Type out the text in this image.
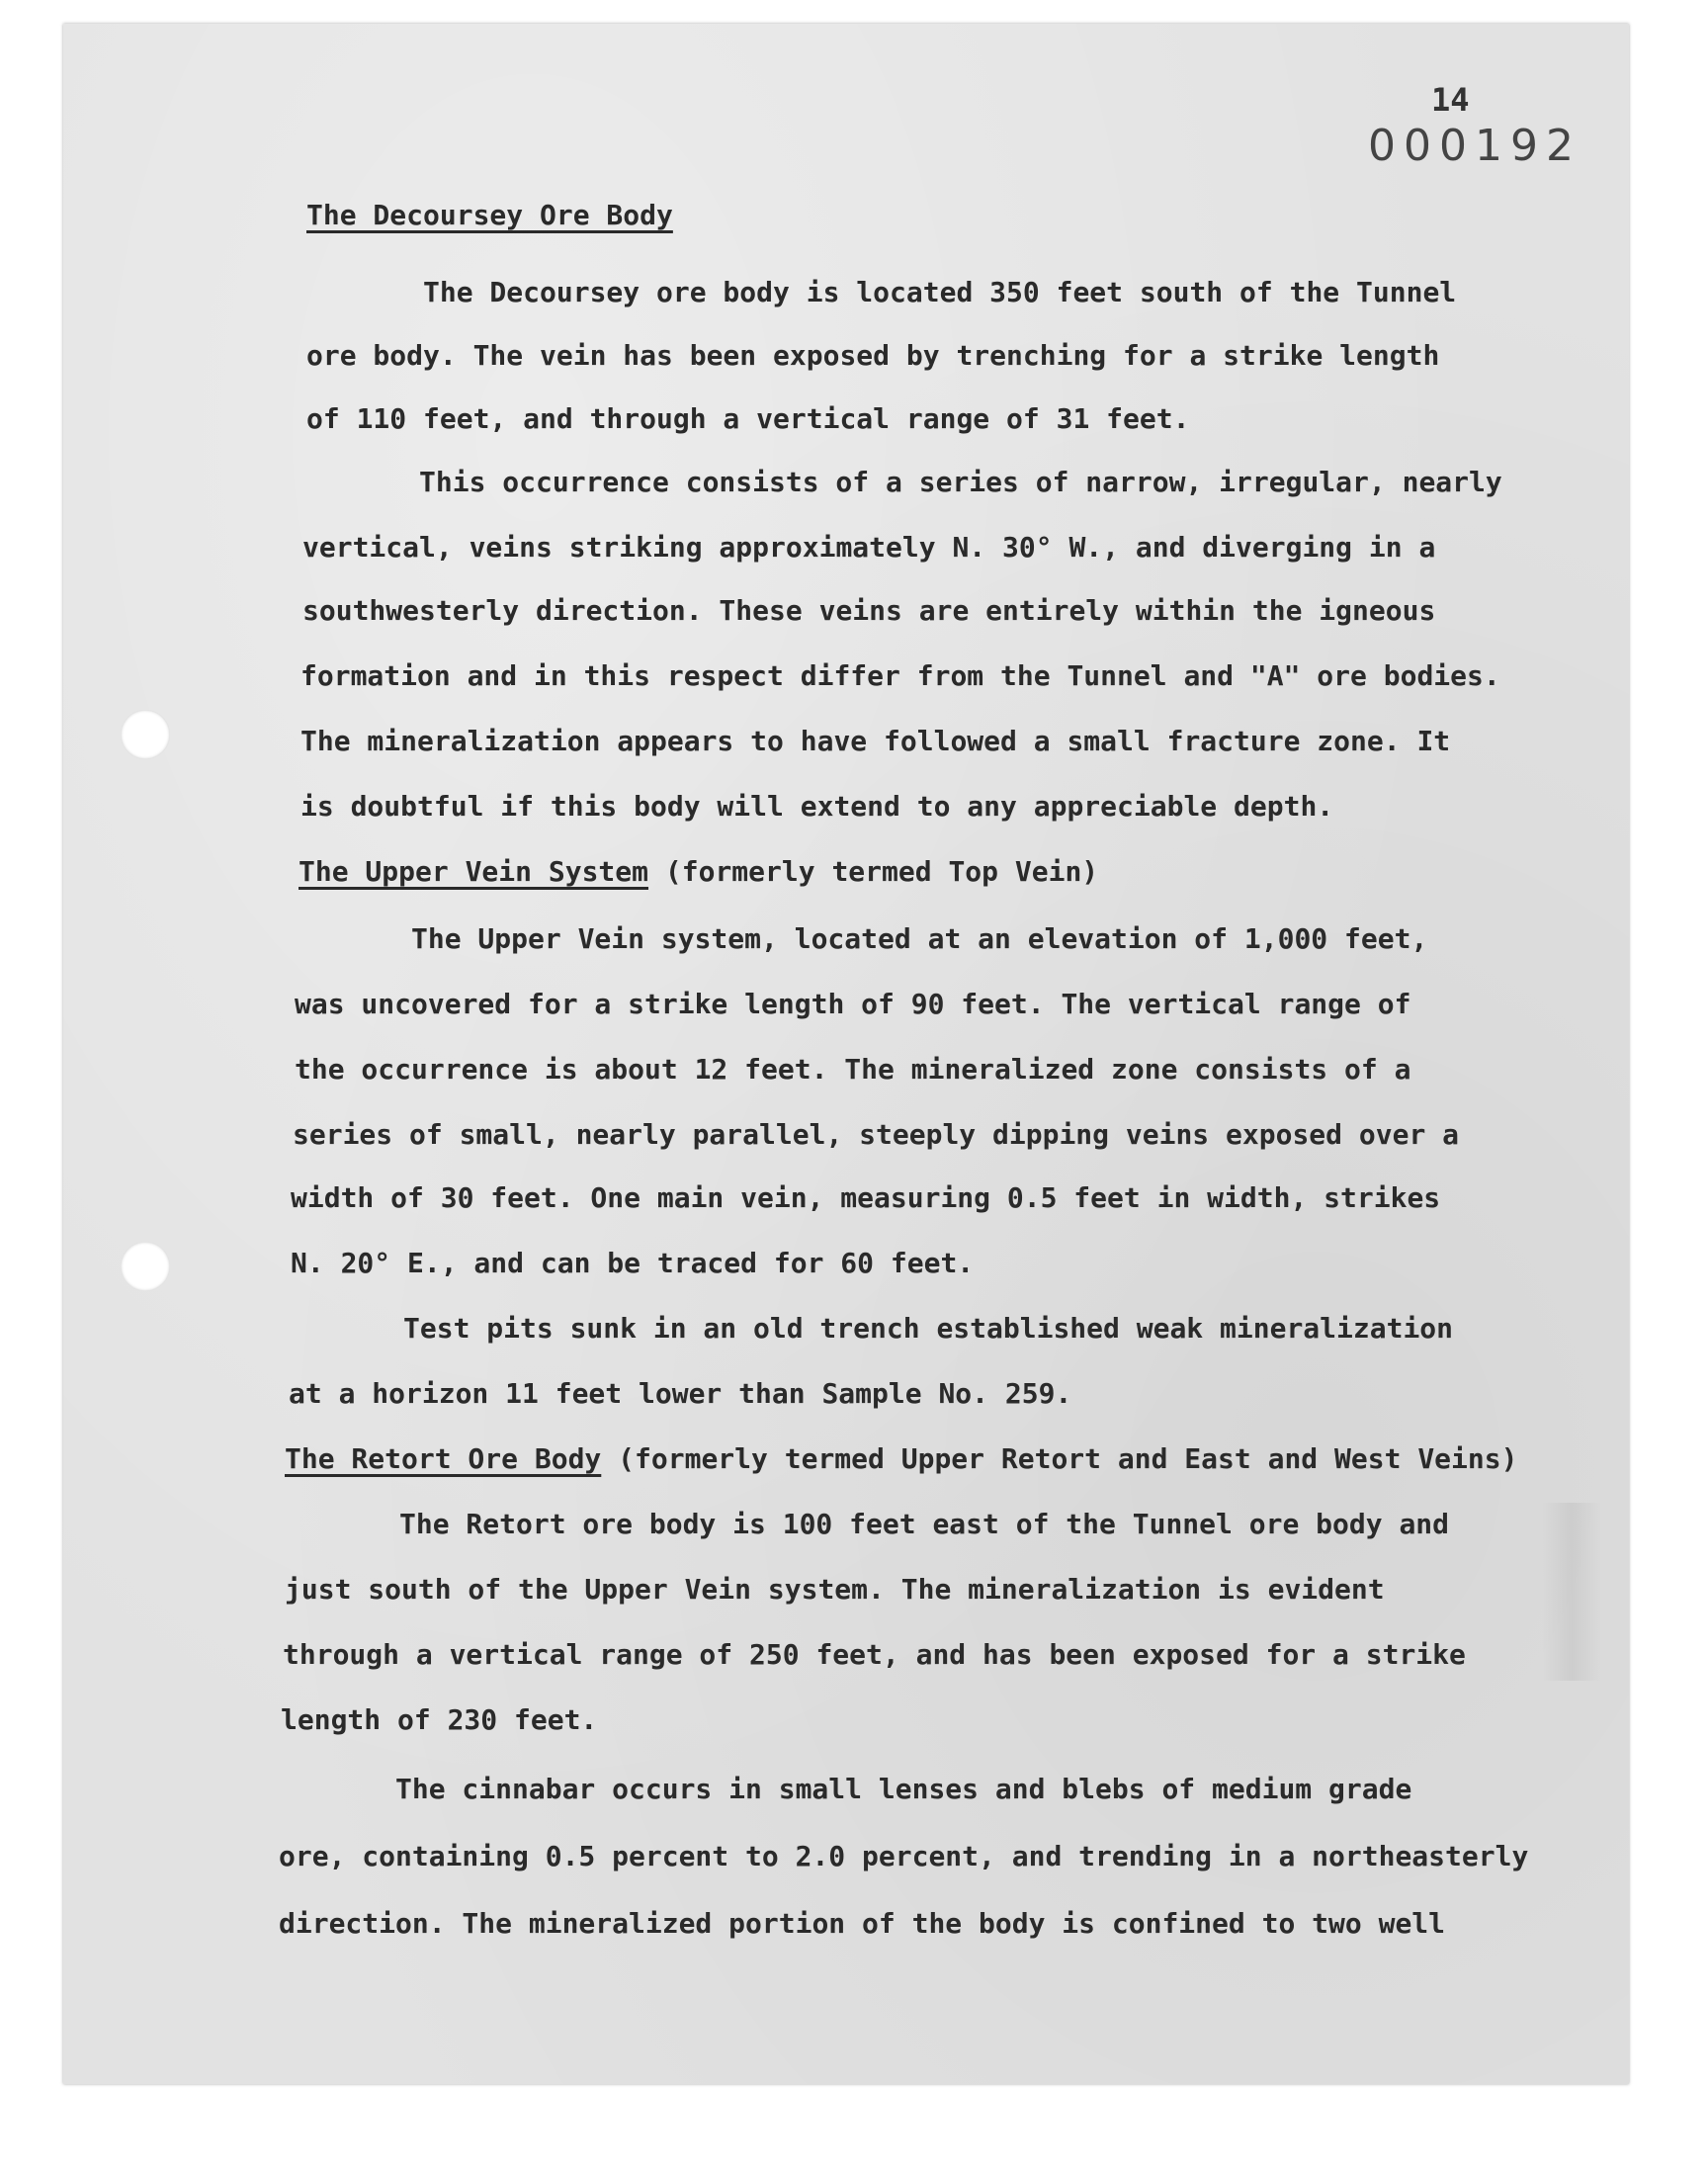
14
000192
The Decoursey Ore Body
The Decoursey ore body is located 350 feet south of the Tunnel
ore body. The vein has been exposed by trenching for a strike length
of 110 feet, and through a vertical range of 31 feet.
This occurrence consists of a series of narrow, irregular, nearly
vertical, veins striking approximately N. 30° W., and diverging in a
southwesterly direction. These veins are entirely within the igneous
formation and in this respect differ from the Tunnel and "A" ore bodies.
The mineralization appears to have followed a small fracture zone. It
is doubtful if this body will extend to any appreciable depth.
The Upper Vein System (formerly termed Top Vein)
The Upper Vein system, located at an elevation of 1,000 feet,
was uncovered for a strike length of 90 feet. The vertical range of
the occurrence is about 12 feet. The mineralized zone consists of a
series of small, nearly parallel, steeply dipping veins exposed over a
width of 30 feet. One main vein, measuring 0.5 feet in width, strikes
N. 20° E., and can be traced for 60 feet.
Test pits sunk in an old trench established weak mineralization
at a horizon 11 feet lower than Sample No. 259.
The Retort Ore Body (formerly termed Upper Retort and East and West Veins)
The Retort ore body is 100 feet east of the Tunnel ore body and
just south of the Upper Vein system. The mineralization is evident
through a vertical range of 250 feet, and has been exposed for a strike
length of 230 feet.
The cinnabar occurs in small lenses and blebs of medium grade
ore, containing 0.5 percent to 2.0 percent, and trending in a northeasterly
direction. The mineralized portion of the body is confined to two well
